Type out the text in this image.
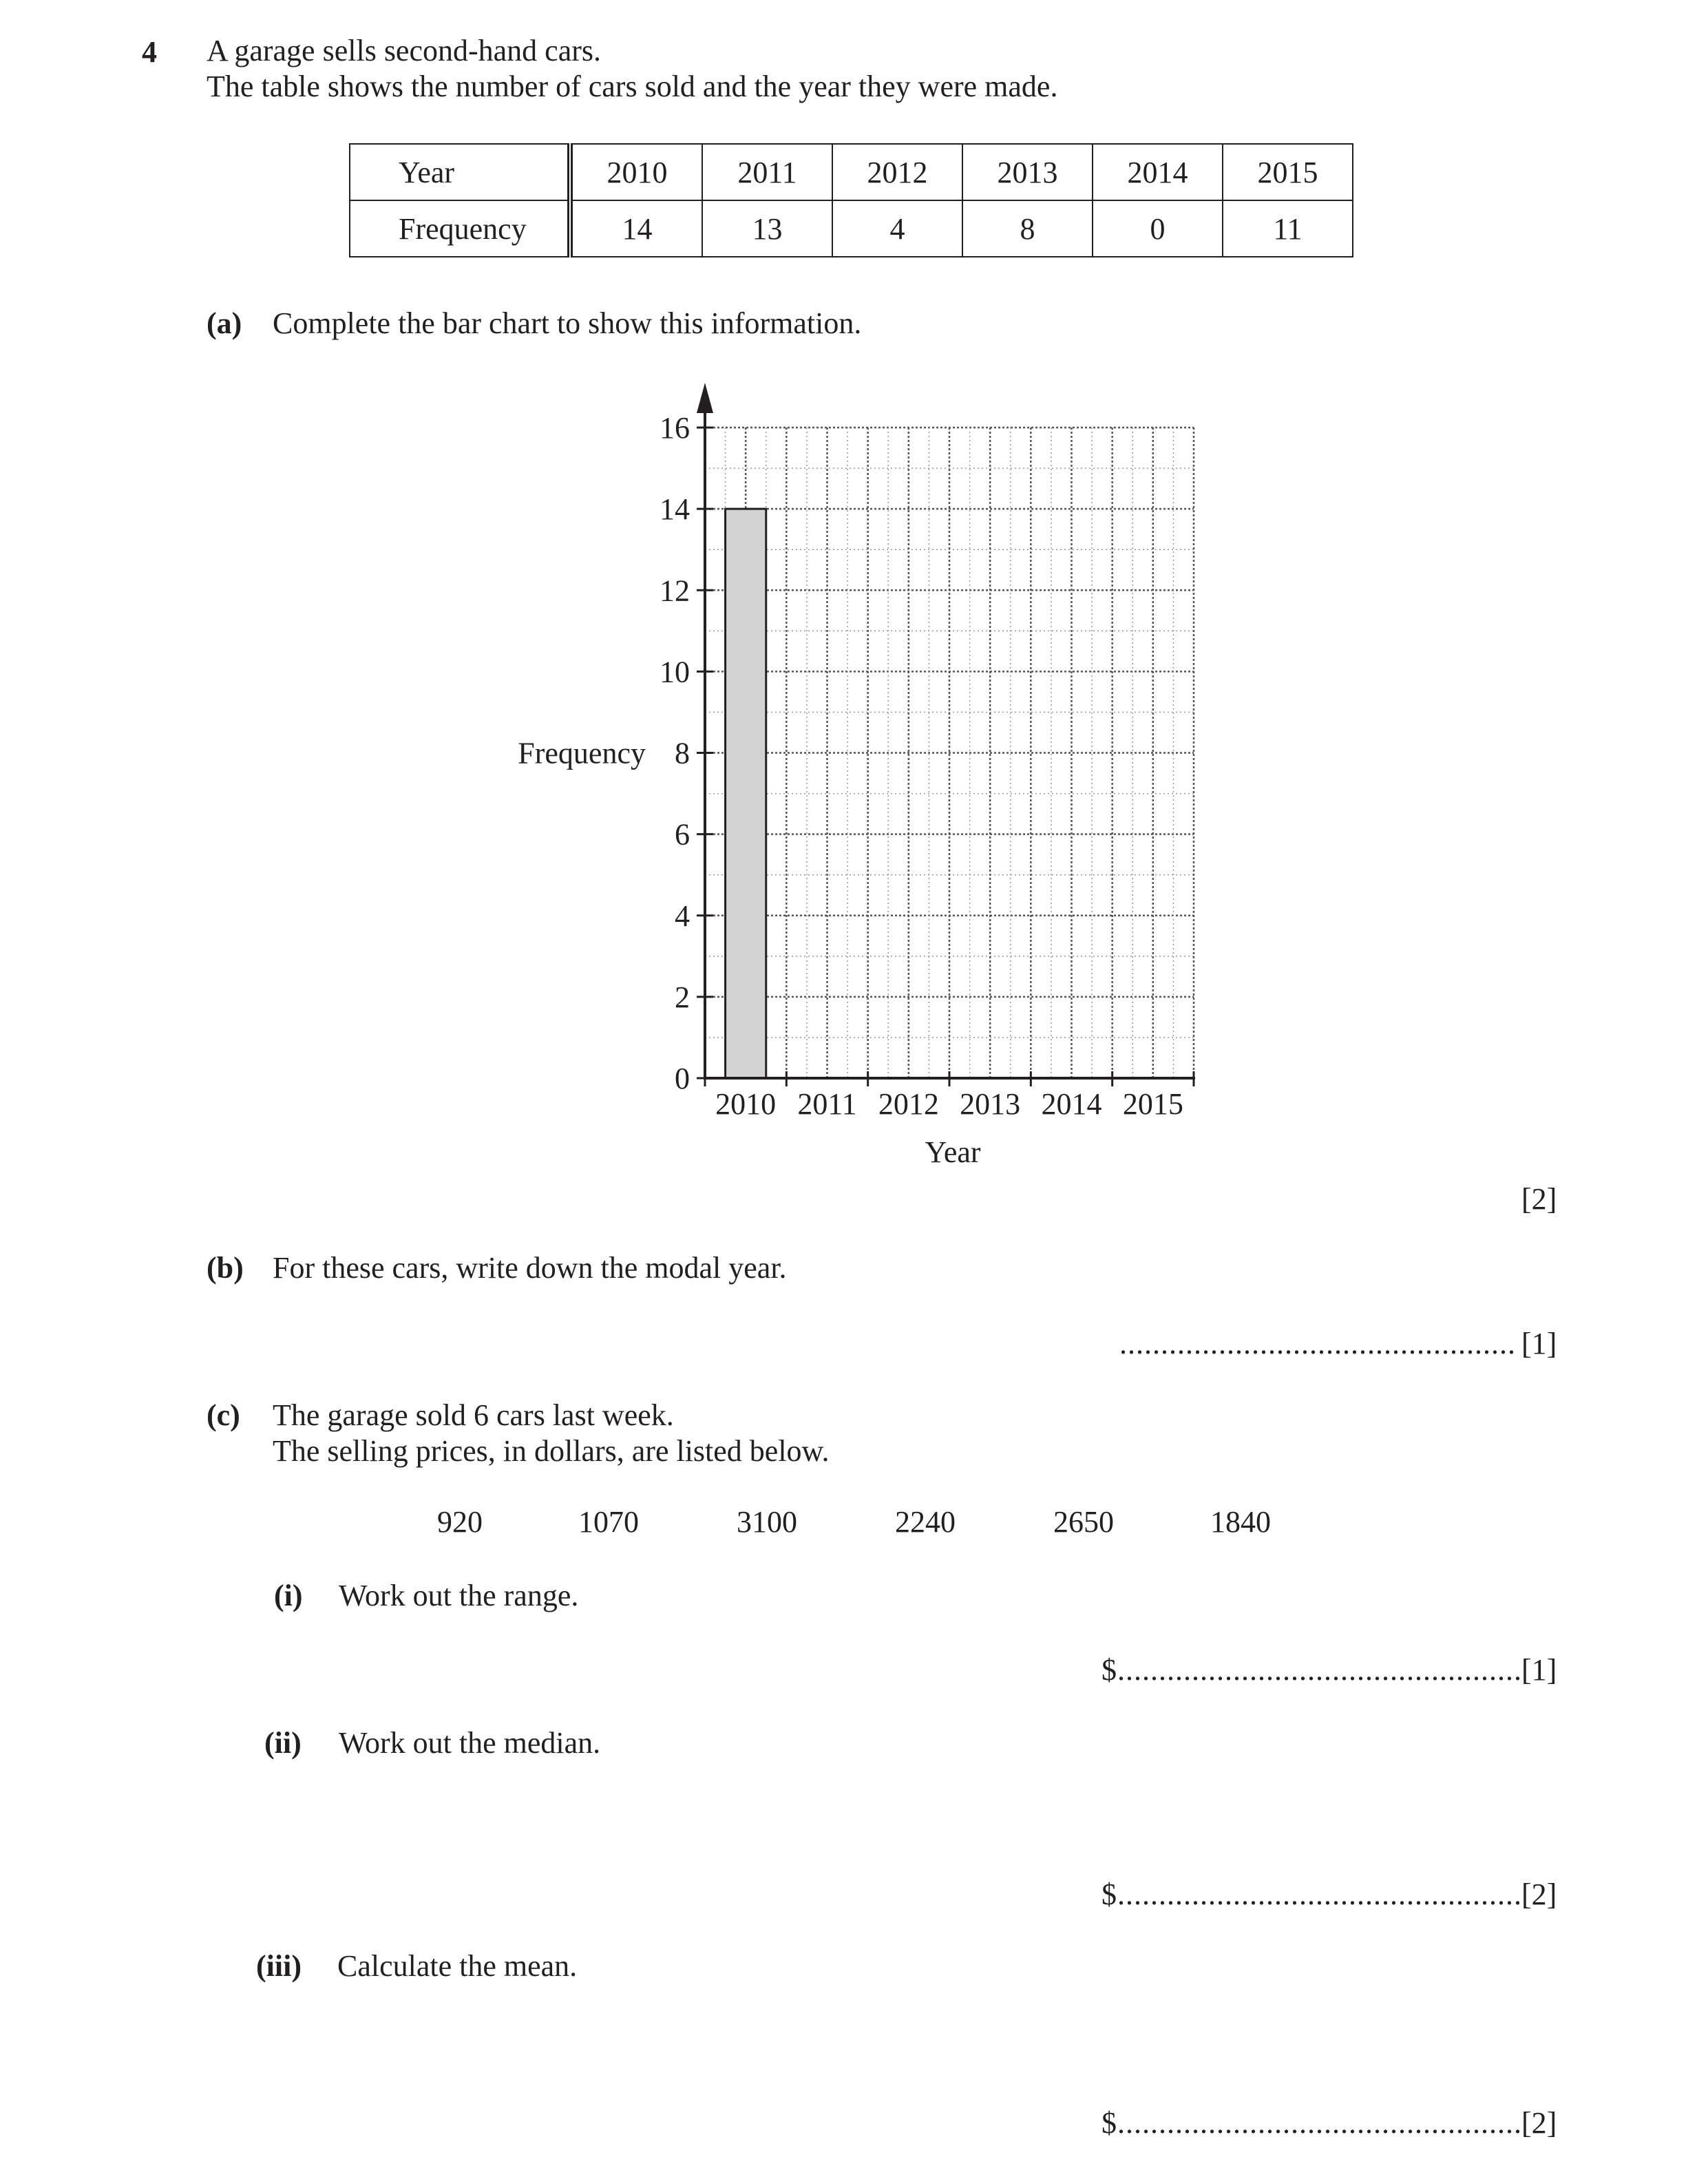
4 A garage sells second-hand cars.
The table shows the number of cars sold and the year they were made.
Year	2010	2011	2012	2013	2014	2015
Frequency	14	13	4	8	0	11
(a) Complete the bar chart to show this information.
0
2
4
6
8
10
12
14
16
2010 2011 2012 2013 2014 2015
Year
Frequency
[2]
(b) For these cars, write down the modal year.
................................................ [1]
(c) The garage sold 6 cars last week.
The selling prices, in dollars, are listed below.
920	1070	3100	2240	2650	1840
(i) Work out the range.
$................................................. [1]
(ii) Work out the median.
$................................................. [2]
(iii) Calculate the mean.
$................................................. [2]
